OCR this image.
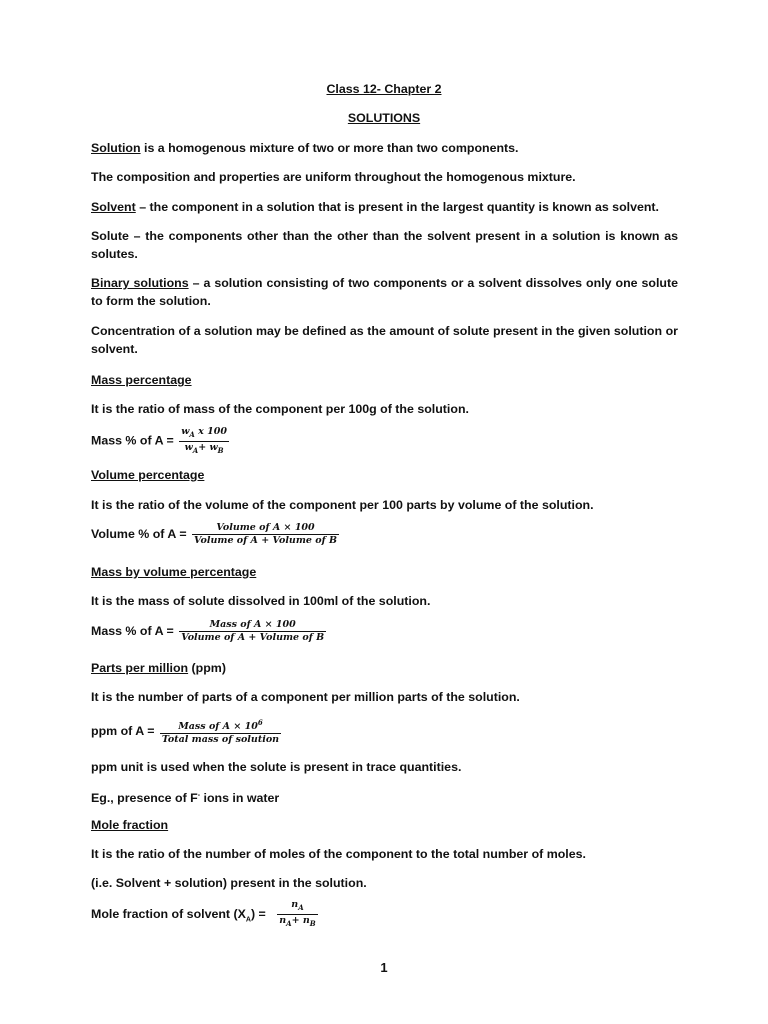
Class 12- Chapter 2
SOLUTIONS
Solution is a homogenous mixture of two or more than two components.
The composition and properties are uniform throughout the homogenous mixture.
Solvent – the component in a solution that is present in the largest quantity is known as solvent.
Solute – the components other than the other than the solvent present in a solution is known as solutes.
Binary solutions – a solution consisting of two components or a solvent dissolves only one solute to form the solution.
Concentration of a solution may be defined as the amount of solute present in the given solution or solvent.
Mass percentage
It is the ratio of mass of the component per 100g of the solution.
Mass % of $A = \frac{w_A x 100}{w_A+ w_B}$
Volume percentage
It is the ratio of the volume of the component per 100 parts by volume of the solution.
Volume % of $A = \frac{\text{Volume of A × 100}}{\text{Volume of A + Volume of B}}$
Mass by volume percentage
It is the mass of solute dissolved in 100ml of the solution.
Mass % of $A = \frac{\text{Mass of A × 100}}{\text{Volume of A + Volume of B}}$
Parts per million (ppm)
It is the number of parts of a component per million parts of the solution.
ppm of $A = \frac{Mass of A \times 10^6}{\text{Total mass of solution}}$
ppm unit is used when the solute is present in trace quantities.
Eg., presence of F- ions in water
Mole fraction
It is the ratio of the number of moles of the component to the total number of moles.
(i.e. Solvent + solution) present in the solution.
Mole fraction of solvent $(X_A) = \frac{n_A}{n_A+ n_B}$
1
